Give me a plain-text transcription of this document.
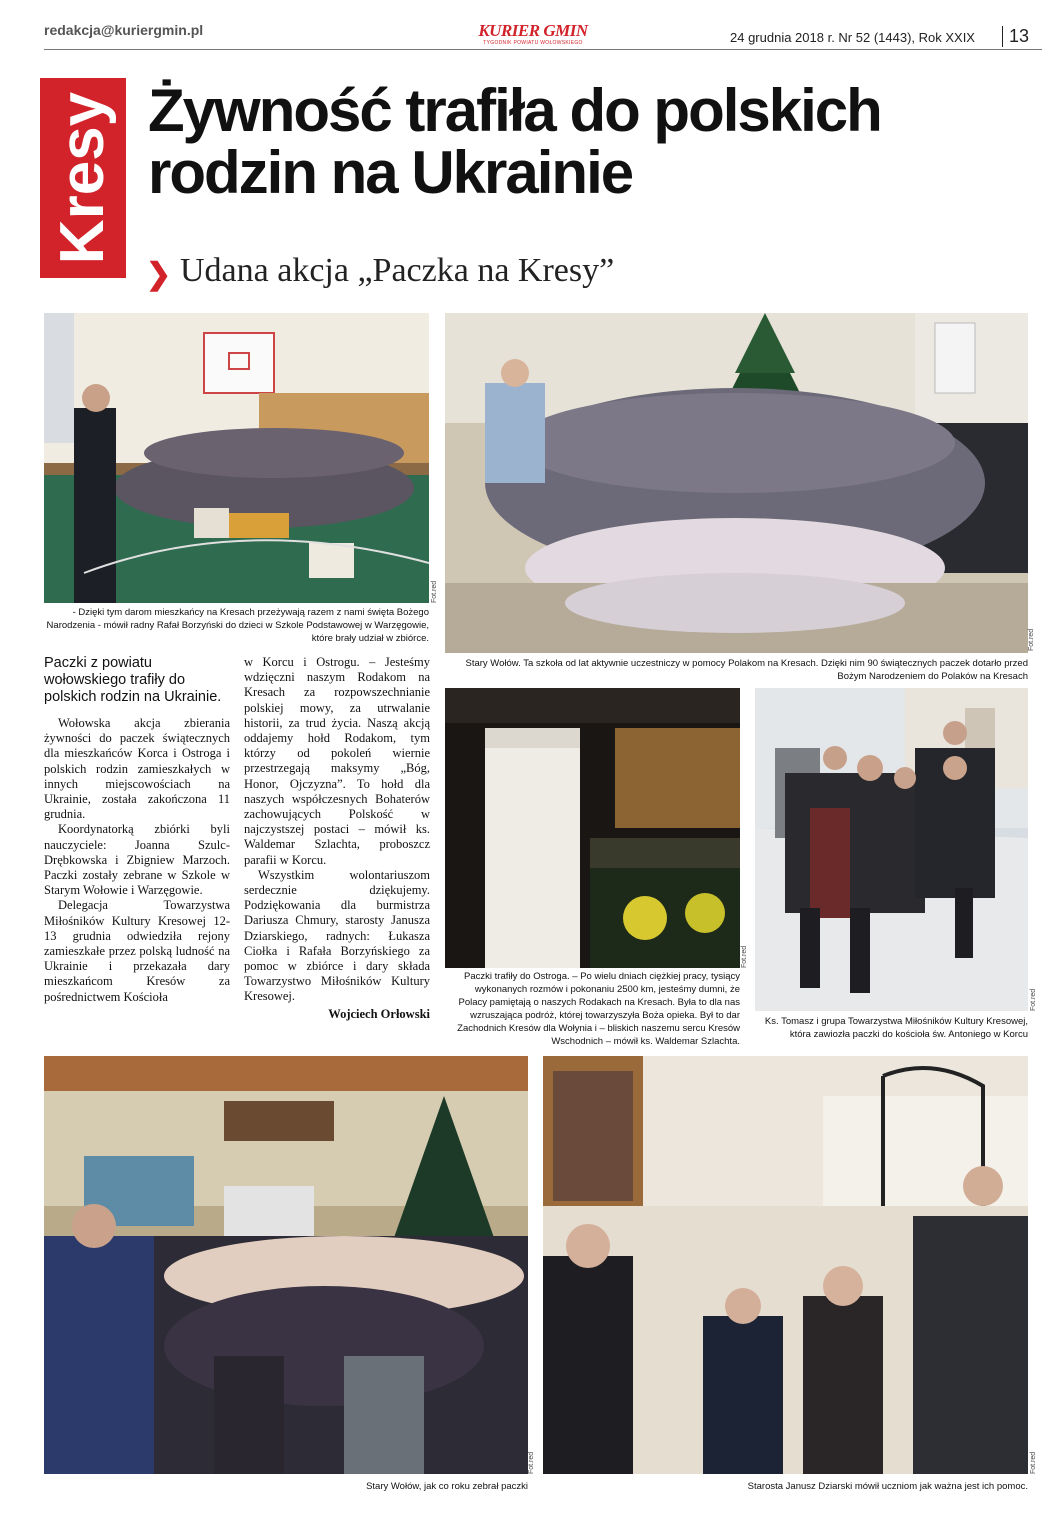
redakcja@kuriergmin.pl	KURIER GMIN
TYGODNIK POWIATU WOŁOWSKIEGO	24 grudnia 2018 r. Nr 52 (1443), Rok XXIX	13
Kresy Żywność trafiła do polskich rodzin na Ukrainie
❯ Udana akcja „Paczka na Kresy”
Fot.red
- Dzięki tym darom mieszkańcy na Kresach przeżywają razem z nami święta Bożego Narodzenia - mówił radny Rafał Borzyński do dzieci w Szkole Podstawowej w Warzęgowie, które brały udział w zbiórce.	Fot.red
Stary Wołów. Ta szkoła od lat aktywnie uczestniczy w pomocy Polakom na Kresach. Dzięki nim 90 świątecznych paczek dotarło przed Bożym Narodzeniem do Polaków na Kresach
Paczki z powiatu wołowskiego trafiły do polskich rodzin na Ukrainie.

Wołowska akcja zbierania żywności do paczek świątecznych dla mieszkańców Korca i Ostroga i polskich rodzin zamieszkałych w innych miejscowościach na Ukrainie, została zakończona 11 grudnia.

Koordynatorką zbiórki byli nauczyciele: Joanna Szulc-Drębkowska i Zbigniew Marzoch. Paczki zostały zebrane w Szkole w Starym Wołowie i Warzęgowie.

Delegacja Towarzystwa Miłośników Kultury Kresowej 12- 13 grudnia odwiedziła rejony zamieszkałe przez polską ludność na Ukrainie i przekazała dary mieszkańcom Kresów za pośrednictwem Kościoła

w Korcu i Ostrogu. – Jesteśmy wdzięczni naszym Rodakom na Kresach za rozpowszechnianie polskiej mowy, za utrwalanie historii, za trud życia. Naszą akcją oddajemy hołd Rodakom, tym którzy od pokoleń wiernie przestrzegają maksymy „Bóg, Honor, Ojczyzna”. To hołd dla naszych współczesnych Bohaterów zachowujących Polskość w najczystszej postaci – mówił ks. Waldemar Szlachta, proboszcz parafii w Korcu.

Wszystkim wolontariuszom serdecznie dziękujemy. Podziękowania dla burmistrza Dariusza Chmury, starosty Janusza Dziarskiego, radnych: Łukasza Ciołka i Rafała Borzyńskiego za pomoc w zbiórce i dary składa Towarzystwo Miłośników Kultury Kresowej.

Wojciech Orłowski

Fot.red
Paczki trafiły do Ostroga. – Po wielu dniach ciężkiej pracy, tysiący wykonanych rozmów i pokonaniu 2500 km, jesteśmy dumni, że Polacy pamiętają o naszych Rodakach na Kresach. Była to dla nas wzruszająca podróż, której towarzyszyła Boża opieka. Był to dar Zachodnich Kresów dla Wołynia i – bliskich naszemu sercu Kresów Wschodnich – mówił ks. Waldemar Szlachta.
Fot.red
Ks. Tomasz i grupa Towarzystwa Miłośników Kultury Kresowej, która zawiozła paczki do kościoła św. Antoniego w Korcu
Fot.red
Stary Wołów, jak co roku zebrał paczki
Fot.red
Starosta Janusz Dziarski mówił uczniom jak ważna jest ich pomoc.
